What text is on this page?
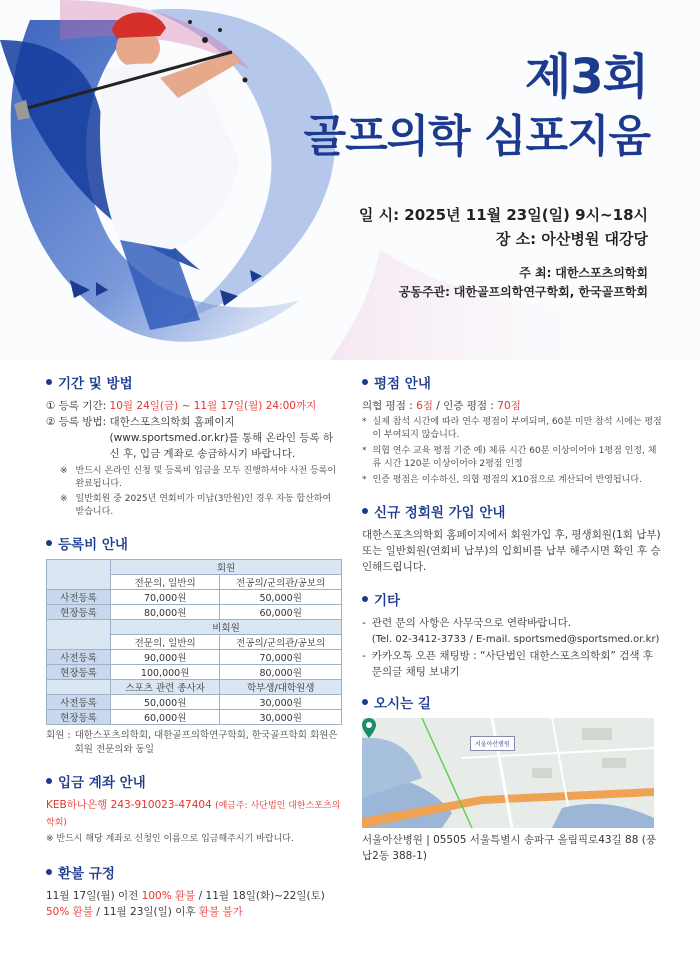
제3회
골프의학 심포지움
일 시: 2025년 11월 23일(일) 9시~18시
장 소: 아산병원 대강당
주 최: 대한스포츠의학회
공동주관: 대한골프의학연구학회, 한국골프학회
기간 및 방법
① 등록 기간:
10월 24일(금) ~ 11월 17일(월) 24:00까지
② 등록 방법:
대한스포츠의학회 홈페이지 (www.sportsmed.or.kr)를 통해 온라인 등록 하신 후, 입금 계좌로 송금하시기 바랍니다.
※ 반드시 온라인 신청 및 등록비 입금을 모두 진행하셔야 사전 등록이 완료됩니다.
※ 일반회원 중 2025년 연회비가 미납(3만원)인 경우 자동 합산하여 받습니다.
등록비 안내
	회원	
	전문의, 일반의	전공의/군의관/공보의
사전등록	70,000원	50,000원
현장등록	80,000원	60,000원
	비회원	
	전문의, 일반의	전공의/군의관/공보의
사전등록	90,000원	70,000원
현장등록	100,000원	80,000원
	스포츠 관련 종사자	학부생/대학원생
사전등록	50,000원	30,000원
현장등록	60,000원	30,000원
회원 : 대한스포츠의학회, 대한골프의학연구학회, 한국골프학회 회원은 회원 전문의와 동일
입금 계좌 안내
KEB하나은행 243-910023-47404 (예금주: 사단법인 대한스포츠의학회)
※ 반드시 해당 계좌로 신청인 이름으로 입금해주시기 바랍니다.
환불 규정
11월 17일(월) 이전 100% 환불 / 11월 18일(화)~22일(토)
50% 환불 / 11월 23일(일) 이후 환불 불가
평점 안내
의협 평점 : 6점 / 인증 평점 : 70점
* 실제 참석 시간에 따라 연수 평점이 부여되며, 60분 미만 참석 시에는 평점이 부여되지 않습니다.
* 의협 연수 교육 평점 기준 예) 체류 시간 60분 이상이어야 1평점 인정, 체류 시간 120분 이상이어야 2평점 인정
* 인증 평점은 이수하신, 의협 평점의 X10점으로 계산되어 반영됩니다.
신규 정회원 가입 안내
대한스포츠의학회 홈페이지에서 회원가입 후, 평생회원(1회 납부) 또는 일반회원(연회비 납부)의 입회비를 납부 해주시면 확인 후 승인해드립니다.
기타
- 관련 문의 사항은 사무국으로 연락바랍니다.
(Tel. 02-3412-3733 / E-mail. sportsmed@sportsmed.or.kr)
- 카카오톡 오픈 채팅방 : “사단법인 대한스포츠의학회” 검색 후 문의글 채팅 보내기
오시는 길
서울아산병원
서울아산병원 | 05505 서울특별시 송파구 올림픽로43길 88 (풍납2동 388-1)
